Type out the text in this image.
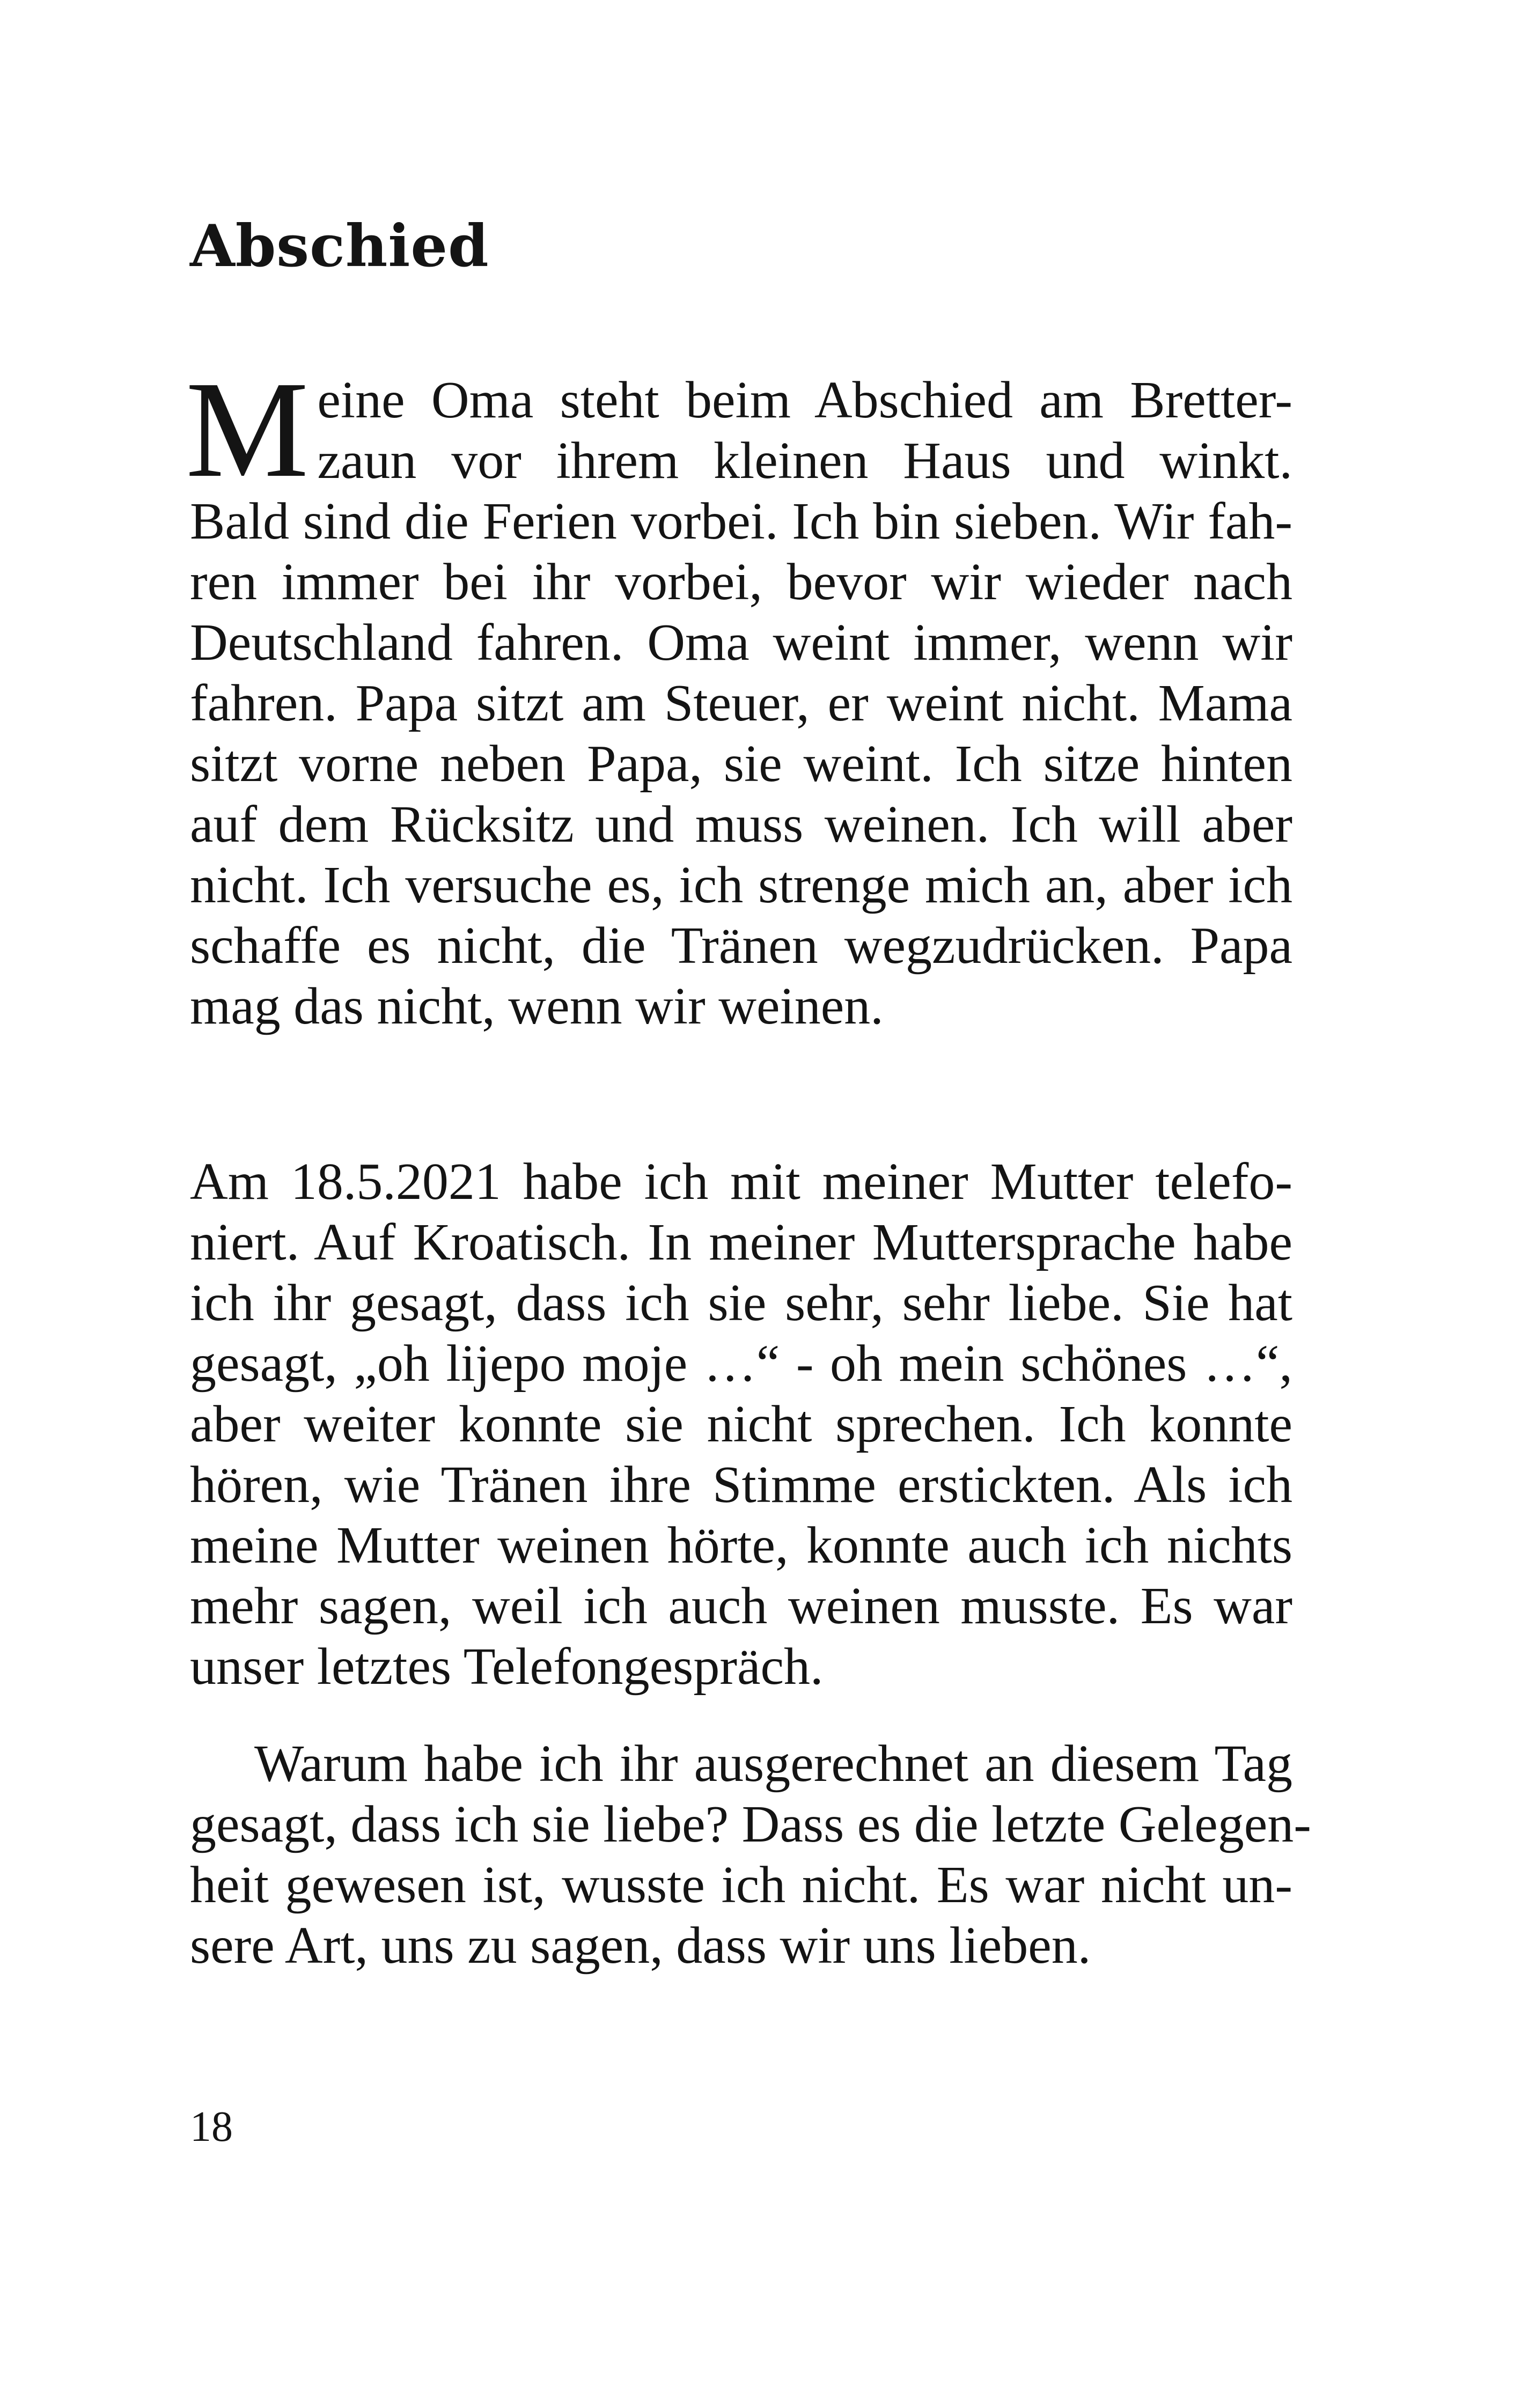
Abschied

M eine Oma steht beim Abschied am Bretter-
zaun vor ihrem kleinen Haus und winkt.
Bald sind die Ferien vorbei. Ich bin sieben. Wir fah-
ren immer bei ihr vorbei, bevor wir wieder nach
Deutschland fahren. Oma weint immer, wenn wir
fahren. Papa sitzt am Steuer, er weint nicht. Mama
sitzt vorne neben Papa, sie weint. Ich sitze hinten
auf dem Rücksitz und muss weinen. Ich will aber
nicht. Ich versuche es, ich strenge mich an, aber ich
schaffe es nicht, die Tränen wegzudrücken. Papa
mag das nicht, wenn wir weinen.

Am 18.5.2021 habe ich mit meiner Mutter telefo-
niert. Auf Kroatisch. In meiner Muttersprache habe
ich ihr gesagt, dass ich sie sehr, sehr liebe. Sie hat
gesagt, „oh lijepo moje …“ - oh mein schönes …“,
aber weiter konnte sie nicht sprechen. Ich konnte
hören, wie Tränen ihre Stimme erstickten. Als ich
meine Mutter weinen hörte, konnte auch ich nichts
mehr sagen, weil ich auch weinen musste. Es war
unser letztes Telefongespräch.

Warum habe ich ihr ausgerechnet an diesem Tag
gesagt, dass ich sie liebe? Dass es die letzte Gelegen-
heit gewesen ist, wusste ich nicht. Es war nicht un-
sere Art, uns zu sagen, dass wir uns lieben.

18
